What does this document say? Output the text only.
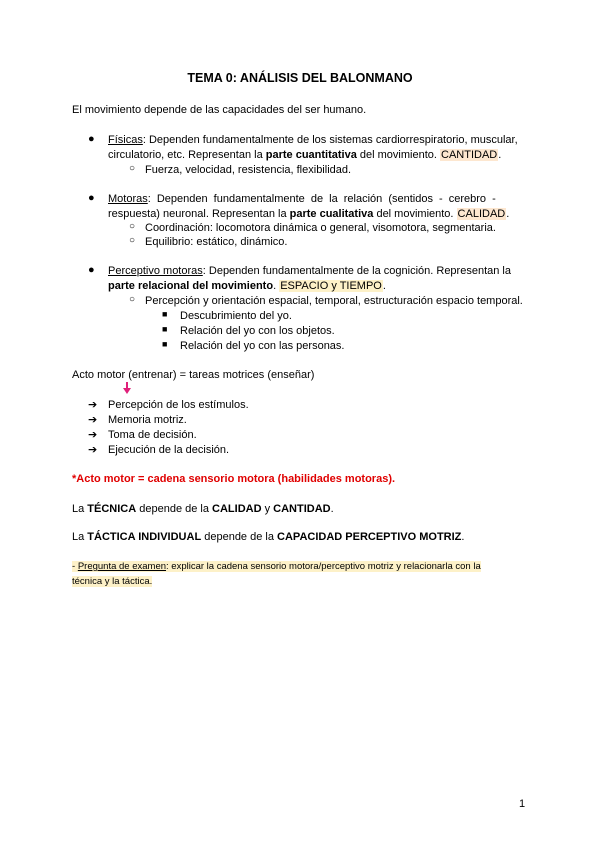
TEMA 0: ANÁLISIS DEL BALONMANO
El movimiento depende de las capacidades del ser humano.
● Físicas: Dependen fundamentalmente de los sistemas cardiorrespiratorio, muscular,
circulatorio, etc. Representan la parte cuantitativa del movimiento. CANTIDAD.
○ Fuerza, velocidad, resistencia, flexibilidad.
● Motoras: Dependen fundamentalmente de la relación (sentidos - cerebro -
respuesta) neuronal. Representan la parte cualitativa del movimiento. CALIDAD.
○ Coordinación: locomotora dinámica o general, visomotora, segmentaria.
○ Equilibrio: estático, dinámico.
● Perceptivo motoras: Dependen fundamentalmente de la cognición. Representan la
parte relacional del movimiento. ESPACIO y TIEMPO.
○ Percepción y orientación espacial, temporal, estructuración espacio temporal.
■ Descubrimiento del yo.
■ Relación del yo con los objetos.
■ Relación del yo con las personas.
Acto motor (entrenar) = tareas motrices (enseñar)
➔ Percepción de los estímulos.
➔ Memoria motriz.
➔ Toma de decisión.
➔ Ejecución de la decisión.
*Acto motor = cadena sensorio motora (habilidades motoras).
La TÉCNICA depende de la CALIDAD y CANTIDAD.
La TÁCTICA INDIVIDUAL depende de la CAPACIDAD PERCEPTIVO MOTRIZ.
- Pregunta de examen: explicar la cadena sensorio motora/perceptivo motriz y relacionarla con la
técnica y la táctica.
1
